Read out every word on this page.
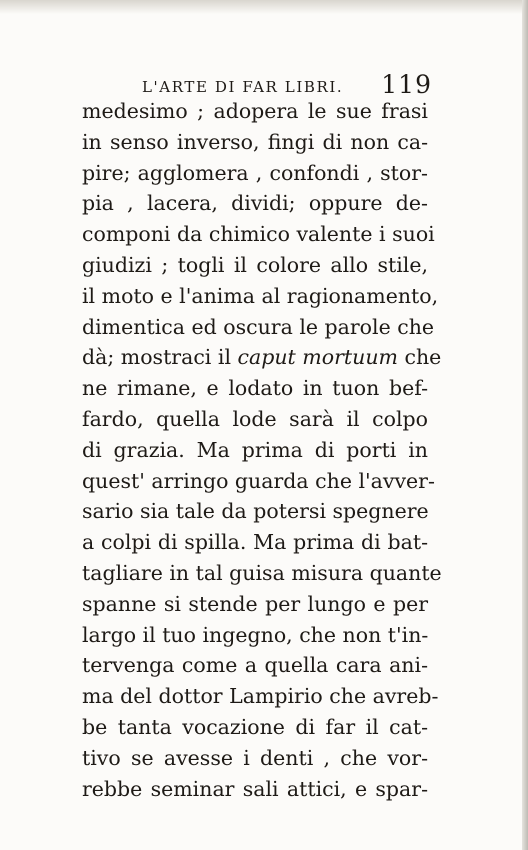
L'ARTE DI FAR LIBRI. 119
medesimo ; adopera le sue frasi
in senso inverso, fingi di non ca-
pire; agglomera , confondi , stor-
pia , lacera, dividi; oppure de-
componi da chimico valente i suoi
giudizi ; togli il colore allo stile,
il moto e l'anima al ragionamento,
dimentica ed oscura le parole che
dà; mostraci il caput mortuum che
ne rimane, e lodato in tuon bef-
fardo, quella lode sarà il colpo
di grazia. Ma prima di porti in
quest' arringo guarda che l'avver-
sario sia tale da potersi spegnere
a colpi di spilla. Ma prima di bat-
tagliare in tal guisa misura quante
spanne si stende per lungo e per
largo il tuo ingegno, che non t'in-
tervenga come a quella cara ani-
ma del dottor Lampirio che avreb-
be tanta vocazione di far il cat-
tivo se avesse i denti , che vor-
rebbe seminar sali attici, e spar-
